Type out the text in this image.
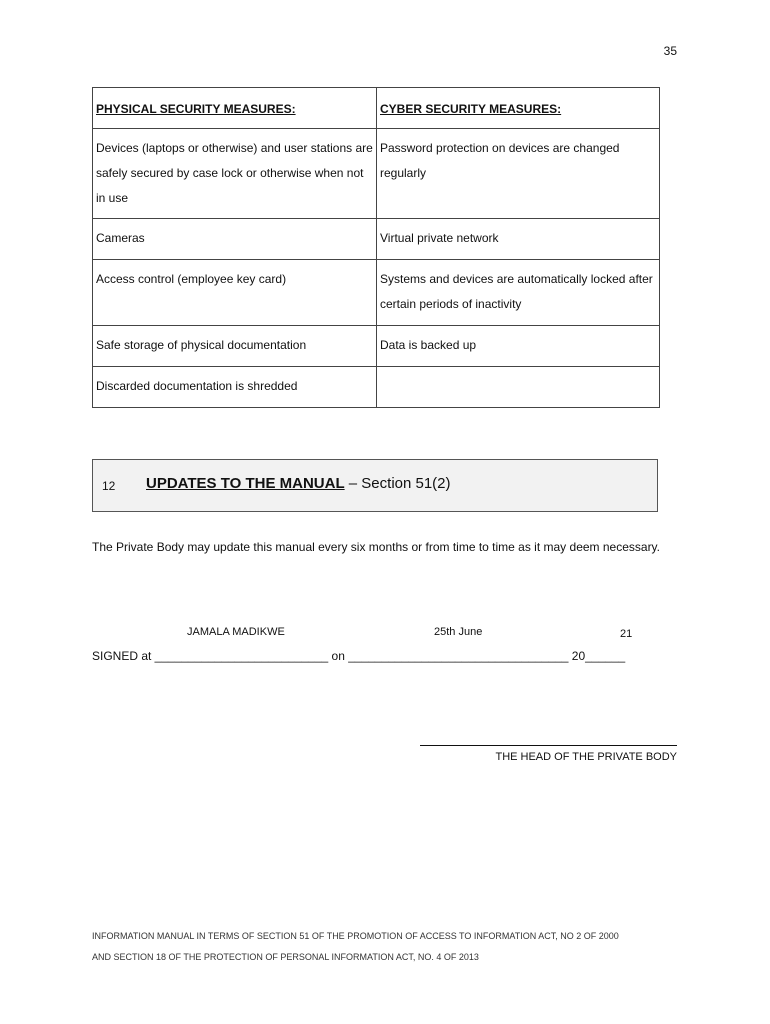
35
PHYSICAL SECURITY MEASURES:	CYBER SECURITY MEASURES:
Devices (laptops or otherwise) and user stations are safely secured by case lock or otherwise when not in use	Password protection on devices are changed regularly
Cameras	Virtual private network
Access control (employee key card)	Systems and devices are automatically locked after certain periods of inactivity
Safe storage of physical documentation	Data is backed up
Discarded documentation is shredded	
12 UPDATES TO THE MANUAL – Section 51(2)
The Private Body may update this manual every six months or from time to time as it may deem necessary.
JAMALA MADIKWE	25th June	21
SIGNED at __________________________ on _________________________________ 20______
THE HEAD OF THE PRIVATE BODY
INFORMATION MANUAL IN TERMS OF SECTION 51 OF THE PROMOTION OF ACCESS TO INFORMATION ACT, NO 2 OF 2000
AND SECTION 18 OF THE PROTECTION OF PERSONAL INFORMATION ACT, NO. 4 OF 2013
